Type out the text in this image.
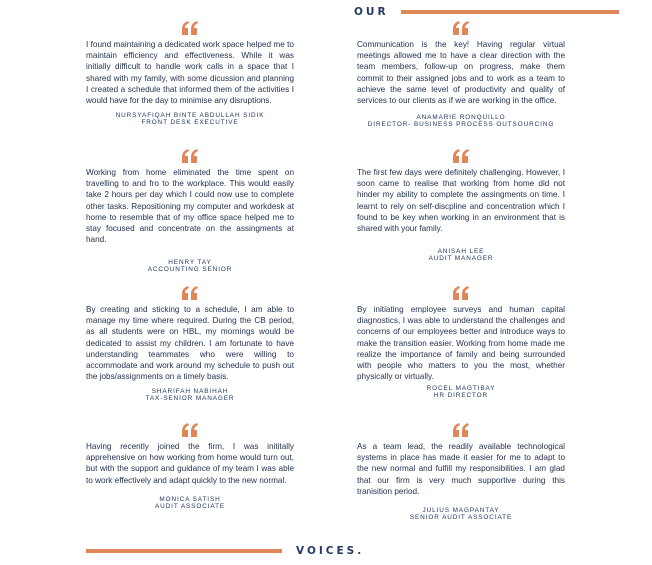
OUR
I found maintaining a dedicated work space helped me to maintain efficiency and effectiveness. While it was initially difficult to handle work calls in a space that I shared with my family, with some dicussion and planning I created a schedule that informed them of the activities I would have for the day to minimise any disruptions.
NURSYAFIQAH BINTE ABDULLAH SIDIK
FRONT DESK EXECUTIVE
Working from home eliminated the time spent on travelling to and fro to the workplace. This would easily take 2 hours per day which I could now use to complete other tasks. Repositioning my computer and workdesk at home to resemble that of my office space helped me to stay focused and concentrate on the assingments at hand.
HENRY TAY
ACCOUNTING SENIOR
By creating and sticking to a schedule, I am able to manage my time where required. During the CB period, as all students were on HBL, my mornings would be dedicated to assist my children. I am fortunate to have understanding teammates who were willing to accommodate and work around my schedule to push out the jobs/assignments on a timely basis.
SHARIFAH NABIHAH
TAX-SENIOR MANAGER
Having recently joined the firm, I was inititally apprehensive on how working from home would turn out, but with the support and guidance of my team I was able to work effectively and adapt quickly to the new normal.
MONICA SATISH
AUDIT ASSOCIATE
Communication is the key! Having regular virtual meetings allowed me to have a clear direction with the team members, follow-up on progress, make them commit to their assigned jobs and to work as a team to achieve the same level of productivity and quality of services to our clients as if we are working in the office.
ANAMARIE RONQUILLO
DIRECTOR- BUSINESS PROCESS OUTSOURCING
The first few days were definitely challenging. However, I soon came to realise that working from home did not hinder my ability to complete the assingments on time. I learnt to rely on self-discpline and concentration which I found to be key when working in an environment that is shared with your family.
ANISAH LEE
AUDIT MANAGER
By initiating employee surveys and human capital diagnostics, I was able to understand the challenges and concerns of our employees better and introduce ways to make the transition easier. Working from home made me realize the importance of family and being surrounded with people who matters to you the most, whether physically or virtually.
ROCEL MAGTIBAY
HR DIRECTOR
As a team lead, the readily available technological systems in place has made it easier for me to adapt to the new normal and fulfill my responsibilities. I am glad that our firm is very much supportive during this tranisition period.
JULIUS MAGPANTAY
SENIOR AUDIT ASSOCIATE
VOICES.
